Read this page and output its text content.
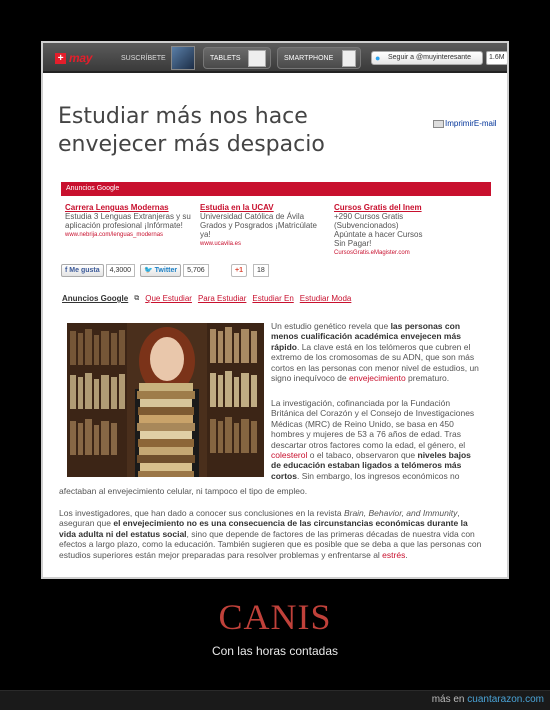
+ may	SUSCRÍBETE	TABLETS	SMARTPHONE	● Seguir a @muyinteresante	1.6M
Estudiar más nos hace envejecer más despacio
ImprimirE-mail
Anuncios Google
Carrera Lenguas Modernas
Estudia 3 Lenguas Extranjeras y su aplicación profesional ¡Infórmate!
www.nebrija.com/lenguas_modernas
Estudia en la UCAV
Universidad Católica de Ávila Grados y Posgrados ¡Matricúlate ya!
www.ucavila.es
Cursos Gratis del Inem
+290 Cursos Gratis (Subvencionados) Apúntate a hacer Cursos Sin Pagar!
CursosGratis.eMagister.com
f Me gusta	4,3000	🐦 Twitter	5,706	+1	18
Anuncios Google ⧉ Que Estudiar Para Estudiar Estudiar En Estudiar Moda

Un estudio genético revela que las personas con menos cualificación académica envejecen más rápido. La clave está en los telómeros que cubren el extremo de los cromosomas de su ADN, que son más cortos en las personas con menor nivel de estudios, un signo inequívoco de envejecimiento prematuro.

La investigación, cofinanciada por la Fundación Británica del Corazón y el Consejo de Investigaciones Médicas (MRC) de Reino Unido, se basa en 450 hombres y mujeres de 53 a 76 años de edad. Tras descartar otros factores como la edad, el género, el colesterol o el tabaco, observaron que niveles bajos de educación estaban ligados a telómeros más cortos. Sin embargo, los ingresos económicos no

afectaban al envejecimiento celular, ni tampoco el tipo de empleo.

Los investigadores, que han dado a conocer sus conclusiones en la revista Brain, Behavior, and Immunity, aseguran que el envejecimiento no es una consecuencia de las circunstancias económicas durante la vida adulta ni del estatus social, sino que depende de factores de las primeras décadas de nuestra vida con efectos a largo plazo, como la educación. También sugieren que es posible que se deba a que las personas con estudios superiores están mejor preparadas para resolver problemas y enfrentarse al estrés.

CANIS
Con las horas contadas
más en cuantarazon.com
